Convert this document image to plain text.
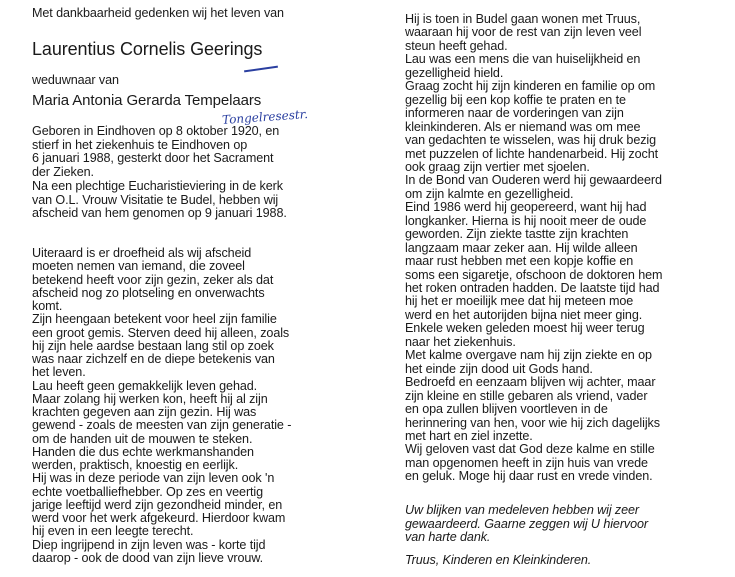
Met dankbaarheid gedenken wij het leven van
Laurentius Cornelis Geerings
weduwnaar van
Maria Antonia Gerarda Tempelaars
Tongelresestr.
Geboren in Eindhoven op 8 oktober 1920, en
stierf in het ziekenhuis te Eindhoven op
6 januari 1988, gesterkt door het Sacrament
der Zieken.
Na een plechtige Eucharistieviering in de kerk
van O.L. Vrouw Visitatie te Budel, hebben wij
afscheid van hem genomen op 9 januari 1988.
Uiteraard is er droefheid als wij afscheid
moeten nemen van iemand, die zoveel
betekend heeft voor zijn gezin, zeker als dat
afscheid nog zo plotseling en onverwachts
komt.
Zijn heengaan betekent voor heel zijn familie
een groot gemis. Sterven deed hij alleen, zoals
hij zijn hele aardse bestaan lang stil op zoek
was naar zichzelf en de diepe betekenis van
het leven.
Lau heeft geen gemakkelijk leven gehad.
Maar zolang hij werken kon, heeft hij al zijn
krachten gegeven aan zijn gezin. Hij was
gewend - zoals de meesten van zijn generatie -
om de handen uit de mouwen te steken.
Handen die dus echte werkmanshanden
werden, praktisch, knoestig en eerlijk.
Hij was in deze periode van zijn leven ook 'n
echte voetballiefhebber. Op zes en veertig
jarige leeftijd werd zijn gezondheid minder, en
werd voor het werk afgekeurd. Hierdoor kwam
hij even in een leegte terecht.
Diep ingrijpend in zijn leven was - korte tijd
daarop - ook de dood van zijn lieve vrouw.
Hij is toen in Budel gaan wonen met Truus,
waaraan hij voor de rest van zijn leven veel
steun heeft gehad.
Lau was een mens die van huiselijkheid en
gezelligheid hield.
Graag zocht hij zijn kinderen en familie op om
gezellig bij een kop koffie te praten en te
informeren naar de vorderingen van zijn
kleinkinderen. Als er niemand was om mee
van gedachten te wisselen, was hij druk bezig
met puzzelen of lichte handenarbeid. Hij zocht
ook graag zijn vertier met sjoelen.
In de Bond van Ouderen werd hij gewaardeerd
om zijn kalmte en gezelligheid.
Eind 1986 werd hij geopereerd, want hij had
longkanker. Hierna is hij nooit meer de oude
geworden. Zijn ziekte tastte zijn krachten
langzaam maar zeker aan. Hij wilde alleen
maar rust hebben met een kopje koffie en
soms een sigaretje, ofschoon de doktoren hem
het roken ontraden hadden. De laatste tijd had
hij het er moeilijk mee dat hij meteen moe
werd en het autorijden bijna niet meer ging.
Enkele weken geleden moest hij weer terug
naar het ziekenhuis.
Met kalme overgave nam hij zijn ziekte en op
het einde zijn dood uit Gods hand.
Bedroefd en eenzaam blijven wij achter, maar
zijn kleine en stille gebaren als vriend, vader
en opa zullen blijven voortleven in de
herinnering van hen, voor wie hij zich dagelijks
met hart en ziel inzette.
Wij geloven vast dat God deze kalme en stille
man opgenomen heeft in zijn huis van vrede
en geluk. Moge hij daar rust en vrede vinden.
Uw blijken van medeleven hebben wij zeer
gewaardeerd. Gaarne zeggen wij U hiervoor
van harte dank.
Truus, Kinderen en Kleinkinderen.
